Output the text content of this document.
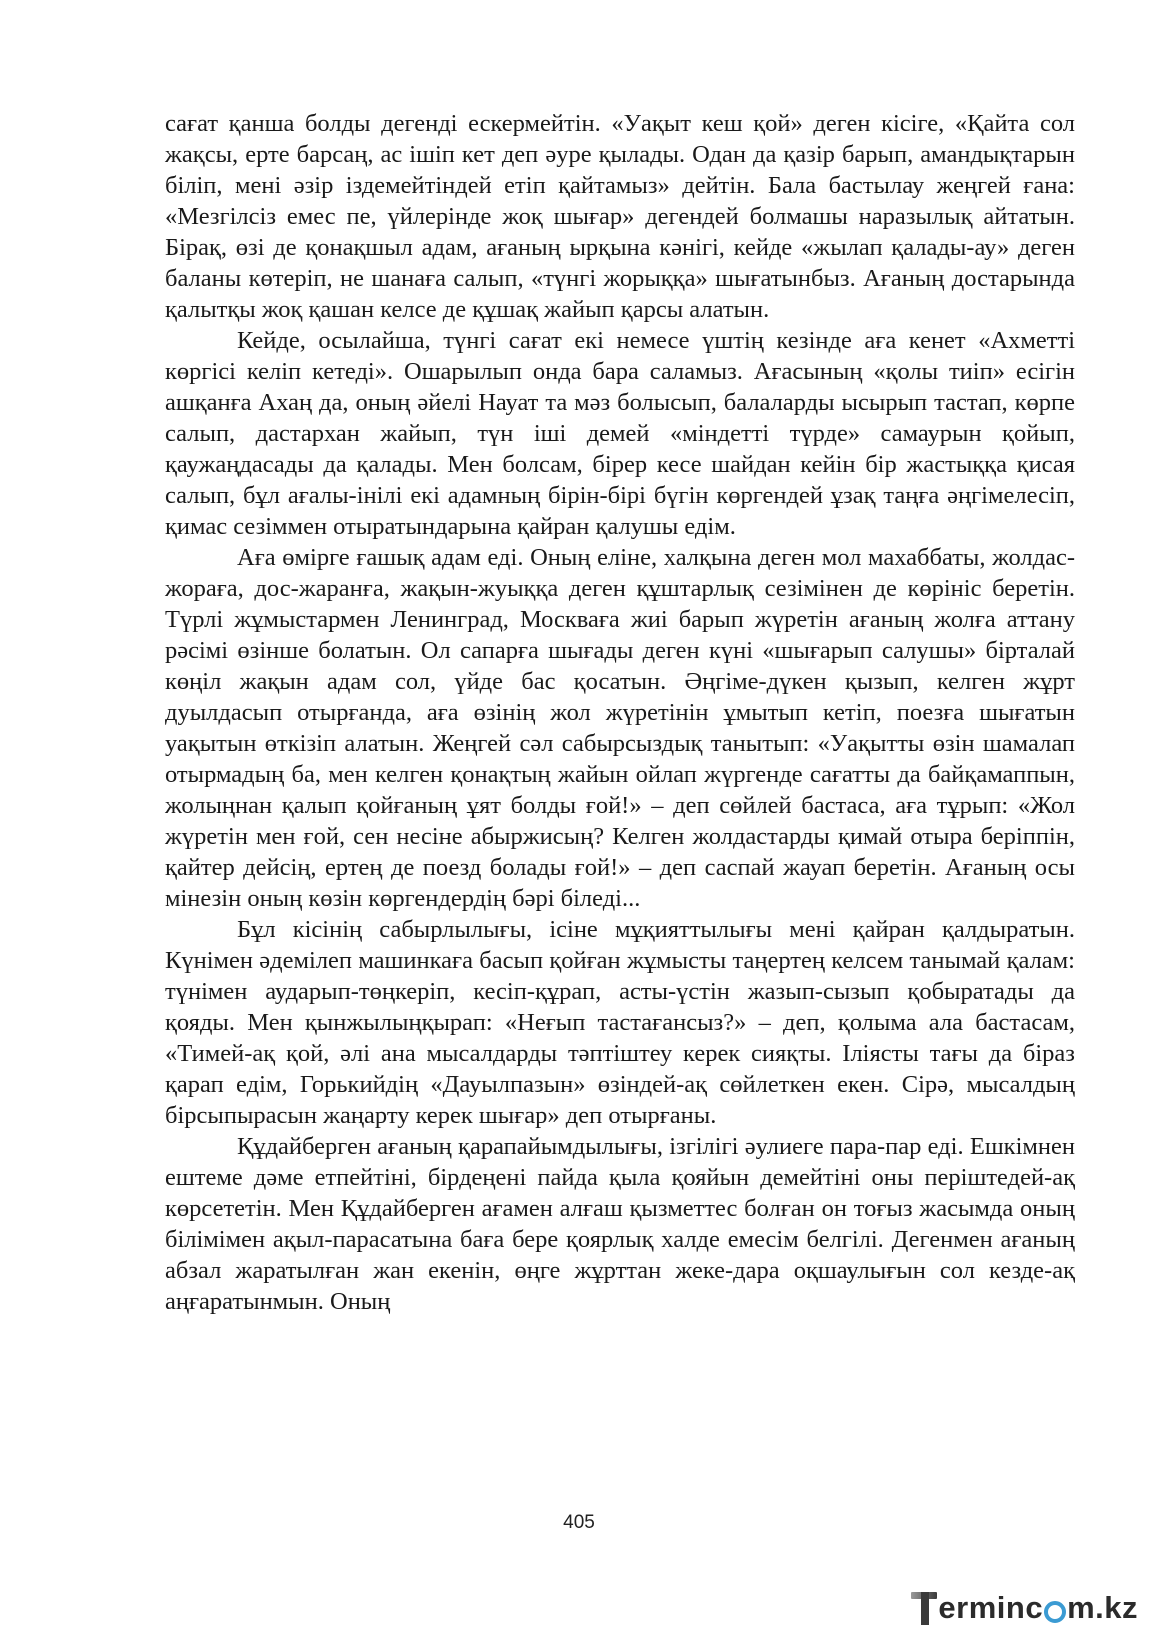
сағат қанша болды дегенді ескермейтін. «Уақыт кеш қой» деген кісіге, «Қайта сол жақсы, ерте барсаң, ас ішіп кет деп әуре қылады. Одан да қазір барып, амандықтарын біліп, мені әзір іздемейтіндей етіп қайтамыз» дейтін. Бала бастылау жеңгей ғана: «Мезгілсіз емес пе, үйлерінде жоқ шығар» дегендей болмашы наразылық айтатын. Бірақ, өзі де қонақшыл адам, ағаның ырқына кәнігі, кейде «жылап қалады-ау» деген баланы көтеріп, не шанаға салып, «түнгі жорыққа» шығатынбыз. Ағаның достарында қалытқы жоқ қашан келсе де құшақ жайып қарсы алатын.

Кейде, осылайша, түнгі сағат екі немесе үштің кезінде аға кенет «Ахметті көргісі келіп кетеді». Ошарылып онда бара саламыз. Ағасының «қолы тиіп» есігін ашқанға Ахаң да, оның әйелі Науат та мәз болысып, балаларды ысырып тастап, көрпе салып, дастархан жайып, түн іші демей «міндетті түрде» самаурын қойып, қаужаңдасады да қалады. Мен болсам, бірер кесе шайдан кейін бір жастыққа қисая салып, бұл ағалы-інілі екі адамның бірін-бірі бүгін көргендей ұзақ таңға әңгімелесіп, қимас сезіммен отыратындарына қайран қалушы едім.

Аға өмірге ғашық адам еді. Оның еліне, халқына деген мол махаббаты, жолдас-жораға, дос-жаранға, жақын-жуыққа деген құштарлық сезімінен де көрініс беретін. Түрлі жұмыстармен Ленинград, Москваға жиі барып жүретін ағаның жолға аттану рәсімі өзінше болатын. Ол сапарға шығады деген күні «шығарып салушы» бірталай көңіл жақын адам сол, үйде бас қосатын. Әңгіме-дүкен қызып, келген жұрт дуылдасып отырғанда, аға өзінің жол жүретінін ұмытып кетіп, поезға шығатын уақытын өткізіп алатын. Жеңгей сәл сабырсыздық танытып: «Уақытты өзін шамалап отырмадың ба, мен келген қонақтың жайын ойлап жүргенде сағатты да байқамаппын, жолыңнан қалып қойғаның ұят болды ғой!» – деп сөйлей бастаса, аға тұрып: «Жол жүретін мен ғой, сен несіне абыржисың? Келген жолдастарды қимай отыра беріппін, қайтер дейсің, ертең де поезд болады ғой!» – деп саспай жауап беретін. Ағаның осы мінезін оның көзін көргендердің бәрі біледі...

Бұл кісінің сабырлылығы, ісіне мұқияттылығы мені қайран қалдыратын. Күнімен әдемілеп машинкаға басып қойған жұмысты таңертең келсем танымай қалам: түнімен аударып-төңкеріп, кесіп-құрап, асты-үстін жазып-сызып қобыратады да қояды. Мен қынжылыңқырап: «Неғып тастағансыз?» – деп, қолыма ала бастасам, «Тимей-ақ қой, әлі ана мысалдарды тәптіштеу керек сияқты. Іліясты тағы да біраз қарап едім, Горькийдің «Дауылпазын» өзіндей-ақ сөйлеткен екен. Сірә, мысалдың бірсыпырасын жаңарту керек шығар» деп отырғаны.

Құдайберген ағаның қарапайымдылығы, ізгілігі әулиеге пара-пар еді. Ешкімнен ештеме дәме етпейтіні, бірдеңені пайда қыла қояйын демейтіні оны періштедей-ақ көрсететін. Мен Құдайберген ағамен алғаш қызметтес болған он тоғыз жасымда оның білімімен ақыл-парасатына баға бере қоярлық халде емесім белгілі. Дегенмен ағаның абзал жаратылған жан екенін, өңге жұрттан жеке-дара оқшаулығын сол кезде-ақ аңғаратынмын. Оның

405
ermin c m.kz
